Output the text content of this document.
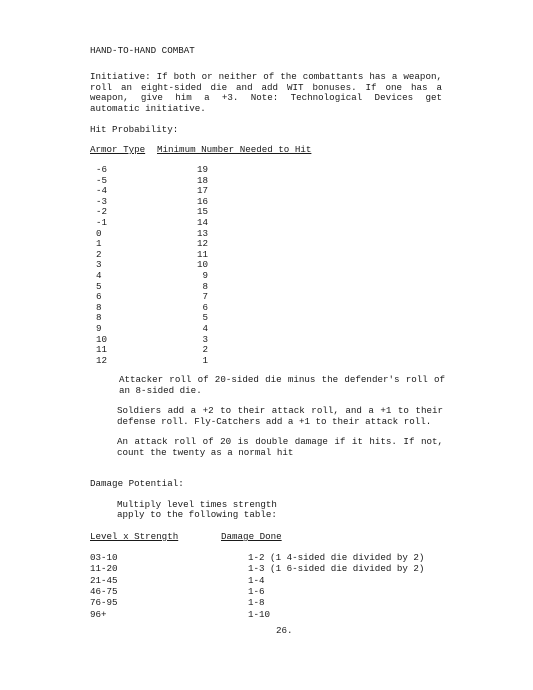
HAND-TO-HAND COMBAT
Initiative: If both or neither of the combattants has a weapon, roll an eight-sided die and add WIT bonuses. If one has a weapon, give him a +3. Note: Technological Devices get automatic initiative.
Hit Probability:
Armor Type Minimum Number Needed to Hit
-6	19
-5	18
-4	17
-3	16
-2	15
-1	14
0	13
1	12
2	11
3	10
4	9
5	8
6	7
8	6
8	5
9	4
10	3
11	2
12	1
Attacker roll of 20-sided die minus the defender's roll of an 8-sided die.
Soldiers add a +2 to their attack roll, and a +1 to their defense roll. Fly-Catchers add a +1 to their attack roll.
An attack roll of 20 is double damage if it hits. If not, count the twenty as a normal hit
Damage Potential:
Multiply level times strength
apply to the following table:
Level x Strength	Damage Done
03-10	1-2 (1 4-sided die divided by 2)
11-20	1-3 (1 6-sided die divided by 2)
21-45	1-4
46-75	1-6
76-95	1-8
96+	1-10
26.
